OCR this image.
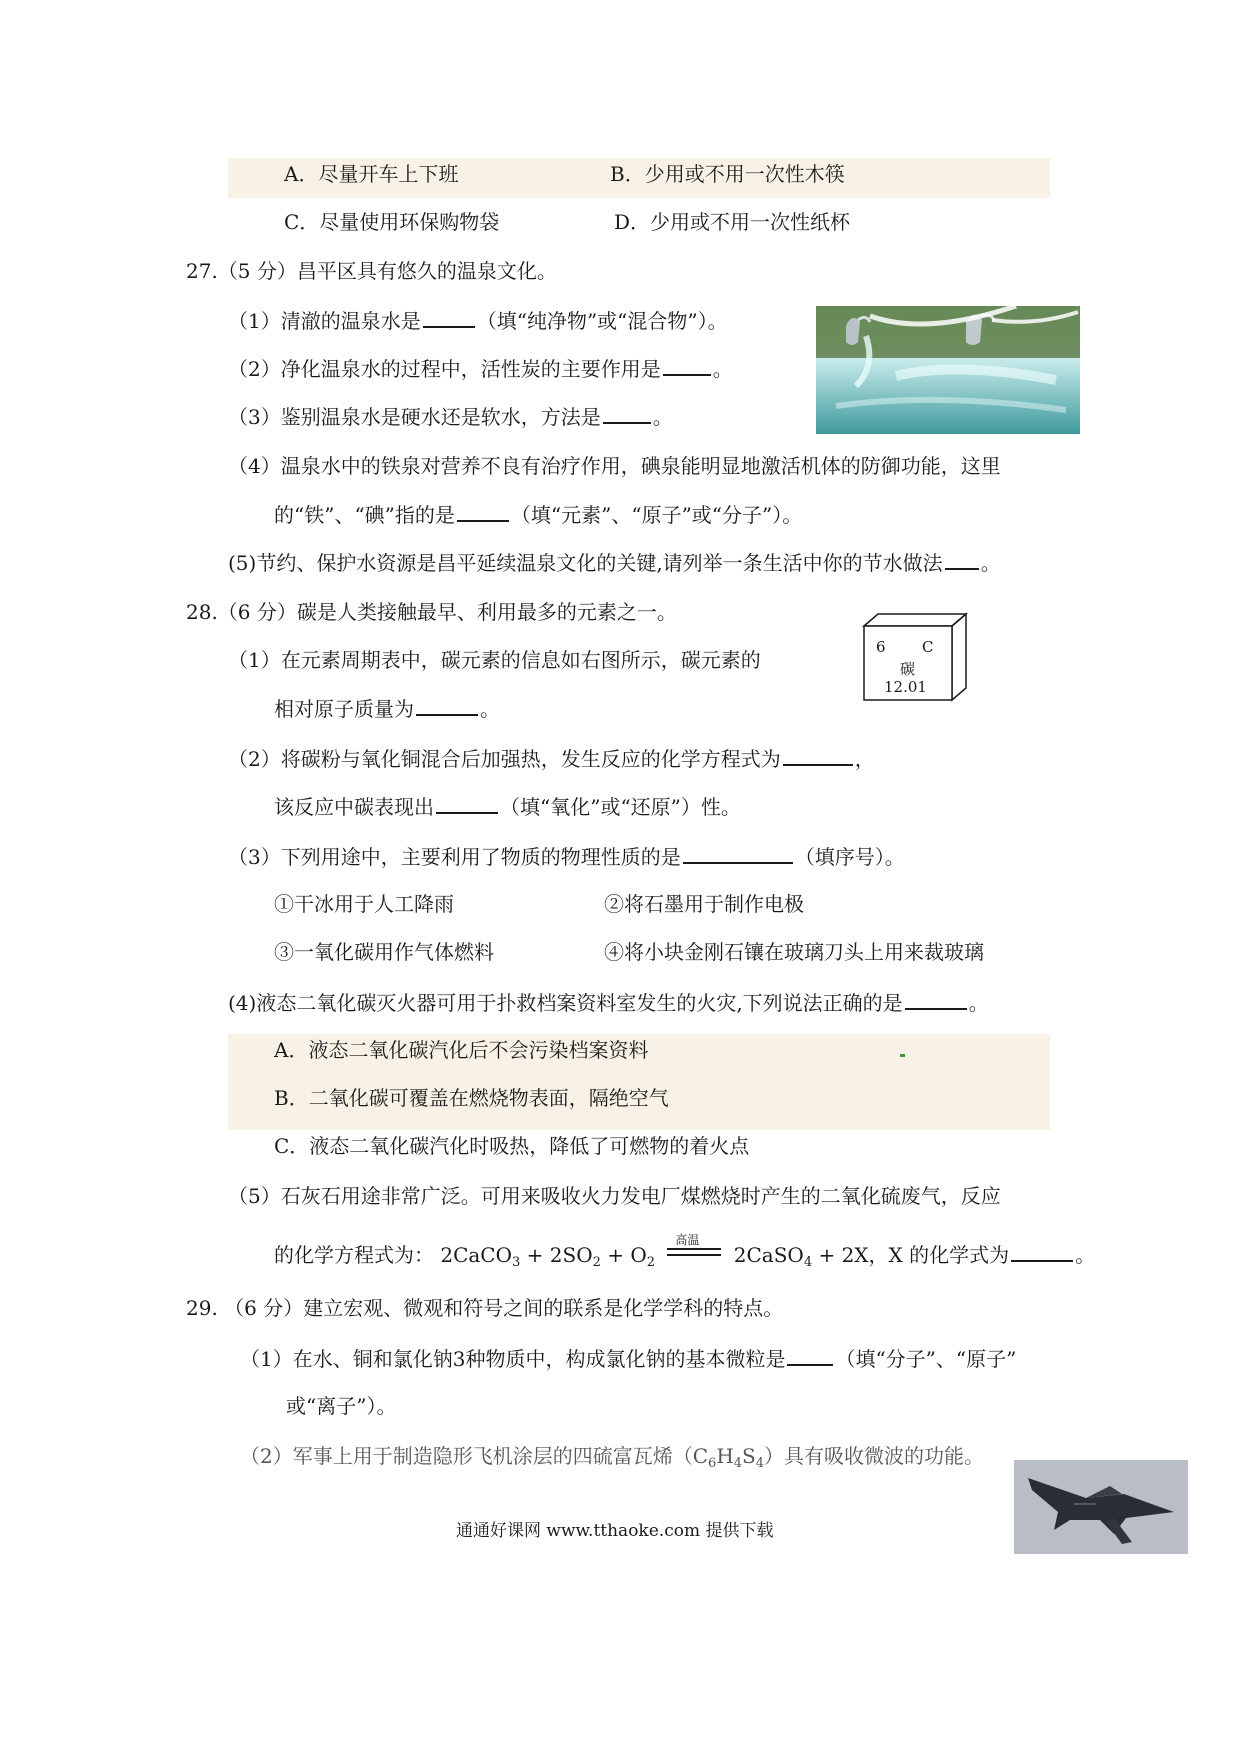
A．尽量开车上下班	B．少用或不用一次性木筷
C．尽量使用环保购物袋	D．少用或不用一次性纸杯
27.（5 分）昌平区具有悠久的温泉文化。
（1）清澈的温泉水是	（填“纯净物”或“混合物”）。
（2）净化温泉水的过程中，活性炭的主要作用是	。
（3）鉴别温泉水是硬水还是软水，方法是	。
（4）温泉水中的铁泉对营养不良有治疗作用，碘泉能明显地激活机体的防御功能，这里
的“铁”、“碘”指的是	（填“元素”、“原子”或“分子”）。
(5)节约、保护水资源是昌平延续温泉文化的关键,请列举一条生活中你的节水做法 。
28.（6 分）碳是人类接触最早、利用最多的元素之一。
6 C
碳
12.01
（1）在元素周期表中，碳元素的信息如右图所示，碳元素的
相对原子质量为	。
（2）将碳粉与氧化铜混合后加强热，发生反应的化学方程式为	，
该反应中碳表现出	（填“氧化”或“还原”）性。
（3）下列用途中，主要利用了物质的物理性质的是	（填序号）。
①干冰用于人工降雨	②将石墨用于制作电极
③一氧化碳用作气体燃料	④将小块金刚石镶在玻璃刀头上用来裁玻璃
(4)液态二氧化碳灭火器可用于扑救档案资料室发生的火灾,下列说法正确的是	。
A．液态二氧化碳汽化后不会污染档案资料
B．二氧化碳可覆盖在燃烧物表面，隔绝空气
C．液态二氧化碳汽化时吸热，降低了可燃物的着火点
（5）石灰石用途非常广泛。可用来吸收火力发电厂煤燃烧时产生的二氧化硫废气，反应
的化学方程式为： 2CaCO$_3$ + $2SO_2 + O_2$
高温
2CaSO$_4$ + 2X，X 的化学式为	。
29. （6 分）建立宏观、微观和符号之间的联系是化学学科的特点。
（1）在水、铜和氯化钠3种物质中，构成氯化钠的基本微粒是	（填“分子”、“原子”
或“离子”）。
（2）军事上用于制造隐形飞机涂层的四硫富瓦烯$(C_6H_4S_4)$具有吸收微波的功能。
通通好课网 www.tthaoke.com 提供下载
